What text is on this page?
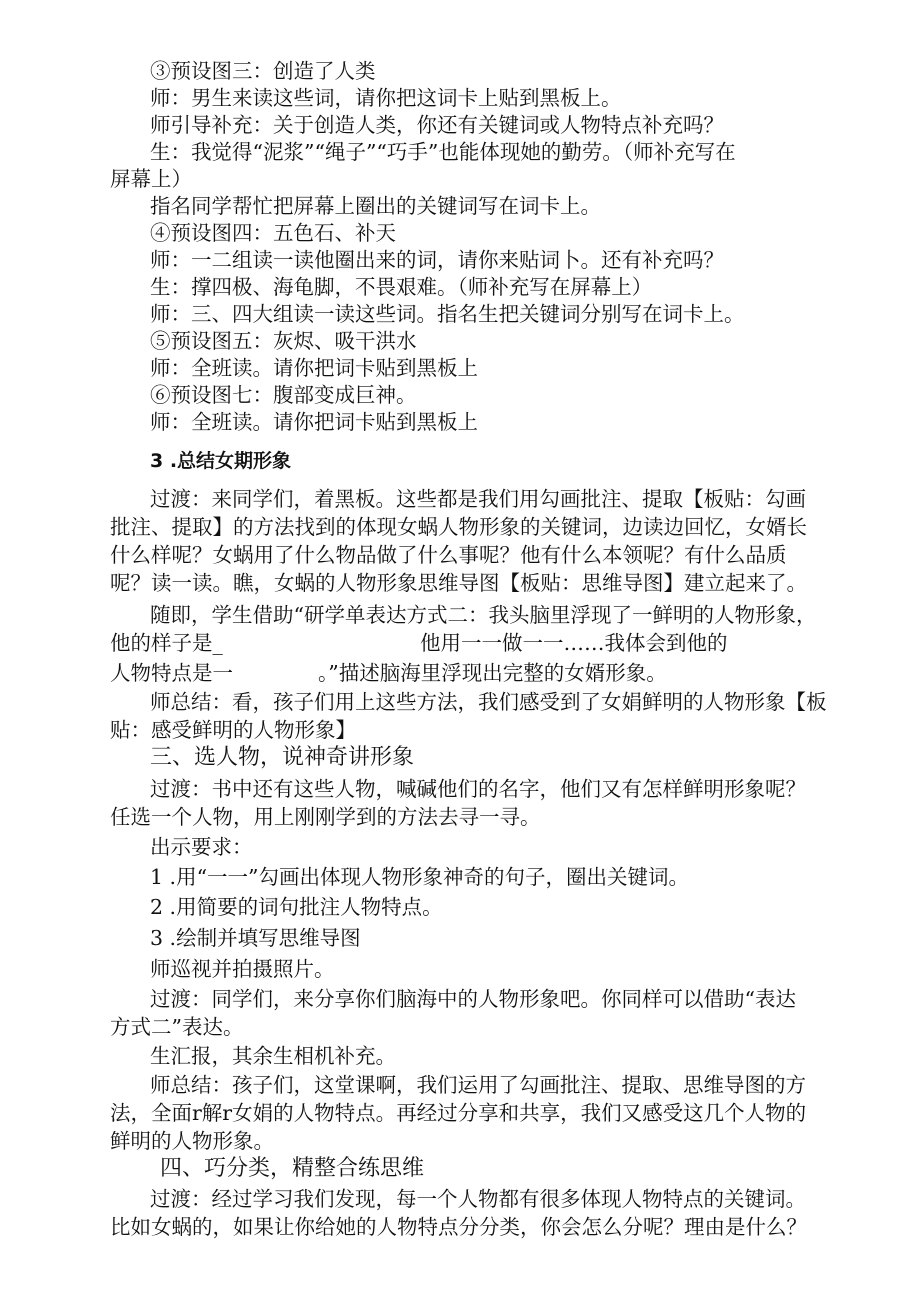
③预设图三：创造了人类
师：男生来读这些词，请你把这词卡上贴到黑板上。
师引导补充：关于创造人类，你还有关键词或人物特点补充吗？
生：我觉得“泥浆”“绳子”“巧手”也能体现她的勤劳。（师补充写在
屏幕上）
指名同学帮忙把屏幕上圈出的关键词写在词卡上。
④预设图四：五色石、补天
师：一二组读一读他圈出来的词，请你来贴词卜。还有补充吗？
生：撑四极、海龟脚，不畏艰难。（师补充写在屏幕上）
师：三、四大组读一读这些词。指名生把关键词分别写在词卡上。
⑤预设图五：灰烬、吸干洪水
师：全班读。请你把词卡贴到黑板上
⑥预设图七：腹部变成巨神。
师：全班读。请你把词卡贴到黑板上
3 .总结女期形象
过渡：来同学们，着黑板。这些都是我们用勾画批注、提取【板贴：勾画
批注、提取】的方法找到的体现女蜗人物形象的关键词，边读边回忆，女婿长
什么样呢？女蜗用了什么物品做了什么事呢？他有什么本领呢？有什么品质
呢？读一读。瞧，女蜗的人物形象思维导图【板贴：思维导图】建立起来了。
随即，学生借助“研学单表达方式二：我头脑里浮现了一鲜明的人物形象，
他的样子是_	他用一一做一一……我体会到他的
人物特点是一	。”描述脑海里浮现出完整的女婿形象。
师总结：看，孩子们用上这些方法，我们感受到了女娟鲜明的人物形象【板
贴：感受鲜明的人物形象】
三、选人物，说神奇讲形象
过渡：书中还有这些人物，喊碱他们的名字，他们又有怎样鲜明形象呢？
任选一个人物，用上刚刚学到的方法去寻一寻。
出示要求：
1 .用“一一”勾画出体现人物形象神奇的句子，圈出关键词。
2 .用简要的词句批注人物特点。
3 .绘制并填写思维导图
师巡视并拍摄照片。
过渡：同学们，来分享你们脑海中的人物形象吧。你同样可以借助“表达
方式二”表达。
生汇报，其余生相机补充。
师总结：孩子们，这堂课啊，我们运用了勾画批注、提取、思维导图的方
法，全面r解r女娟的人物特点。再经过分享和共享，我们又感受这几个人物的
鲜明的人物形象。
四、巧分类，精整合练思维
过渡：经过学习我们发现，每一个人物都有很多体现人物特点的关键词。
比如女蜗的，如果让你给她的人物特点分分类，你会怎么分呢？理由是什么？
